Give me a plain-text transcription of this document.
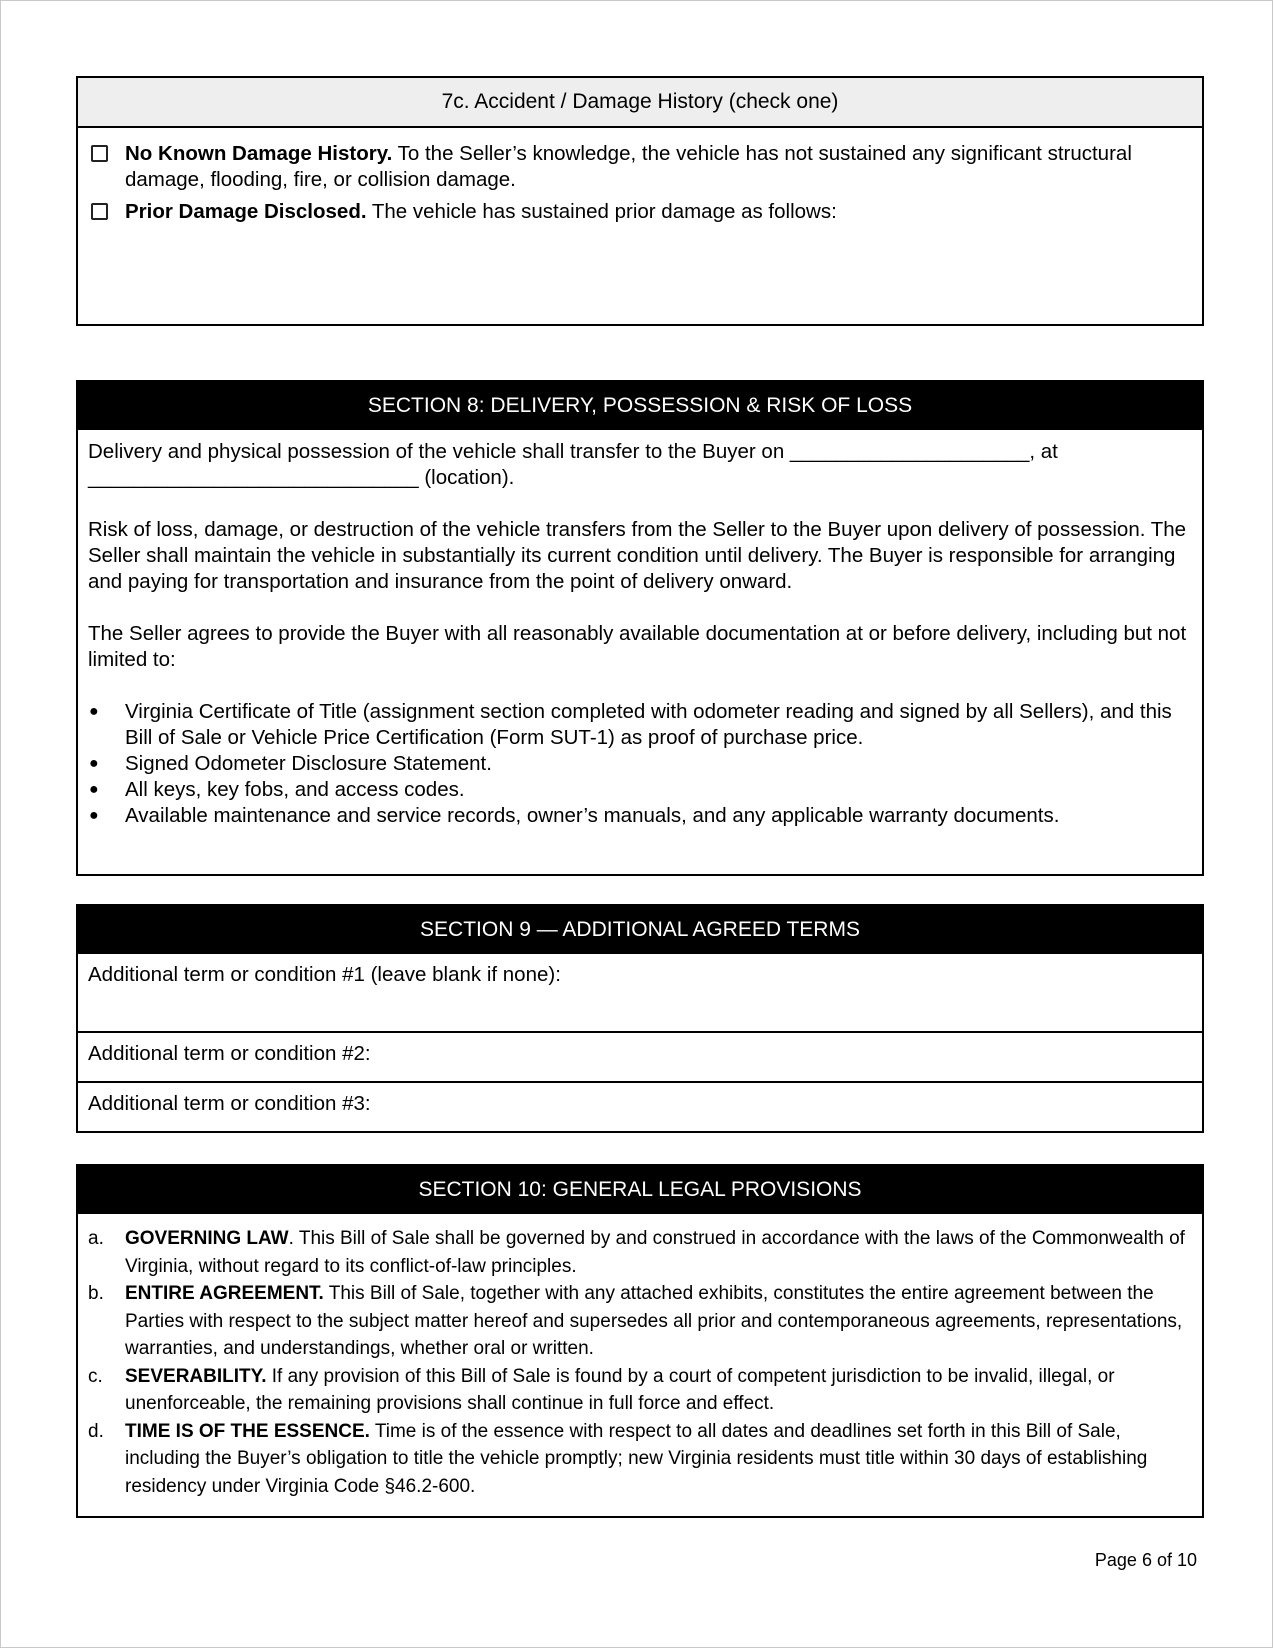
7c. Accident / Damage History (check one)
No Known Damage History. To the Seller’s knowledge, the vehicle has not sustained any significant structural damage, flooding, fire, or collision damage.
Prior Damage Disclosed. The vehicle has sustained prior damage as follows:
SECTION 8: DELIVERY, POSSESSION & RISK OF LOSS
Delivery and physical possession of the vehicle shall transfer to the Buyer on _____________________, at
_____________________________ (location).

Risk of loss, damage, or destruction of the vehicle transfers from the Seller to the Buyer upon delivery of possession. The Seller shall maintain the vehicle in substantially its current condition until delivery. The Buyer is responsible for arranging and paying for transportation and insurance from the point of delivery onward.

The Seller agrees to provide the Buyer with all reasonably available documentation at or before delivery, including but not limited to:

● Virginia Certificate of Title (assignment section completed with odometer reading and signed by all Sellers), and this Bill of Sale or Vehicle Price Certification (Form SUT-1) as proof of purchase price.
● Signed Odometer Disclosure Statement.
● All keys, key fobs, and access codes.
● Available maintenance and service records, owner’s manuals, and any applicable warranty documents.
SECTION 9 — ADDITIONAL AGREED TERMS
Additional term or condition #1 (leave blank if none):
Additional term or condition #2:
Additional term or condition #3:
SECTION 10: GENERAL LEGAL PROVISIONS
a. GOVERNING LAW. This Bill of Sale shall be governed by and construed in accordance with the laws of the Commonwealth of Virginia, without regard to its conflict-of-law principles.
b. ENTIRE AGREEMENT. This Bill of Sale, together with any attached exhibits, constitutes the entire agreement between the Parties with respect to the subject matter hereof and supersedes all prior and contemporaneous agreements, representations, warranties, and understandings, whether oral or written.
c. SEVERABILITY. If any provision of this Bill of Sale is found by a court of competent jurisdiction to be invalid, illegal, or unenforceable, the remaining provisions shall continue in full force and effect.
d. TIME IS OF THE ESSENCE. Time is of the essence with respect to all dates and deadlines set forth in this Bill of Sale, including the Buyer’s obligation to title the vehicle promptly; new Virginia residents must title within 30 days of establishing residency under Virginia Code §46.2-600.
Page 6 of 10
